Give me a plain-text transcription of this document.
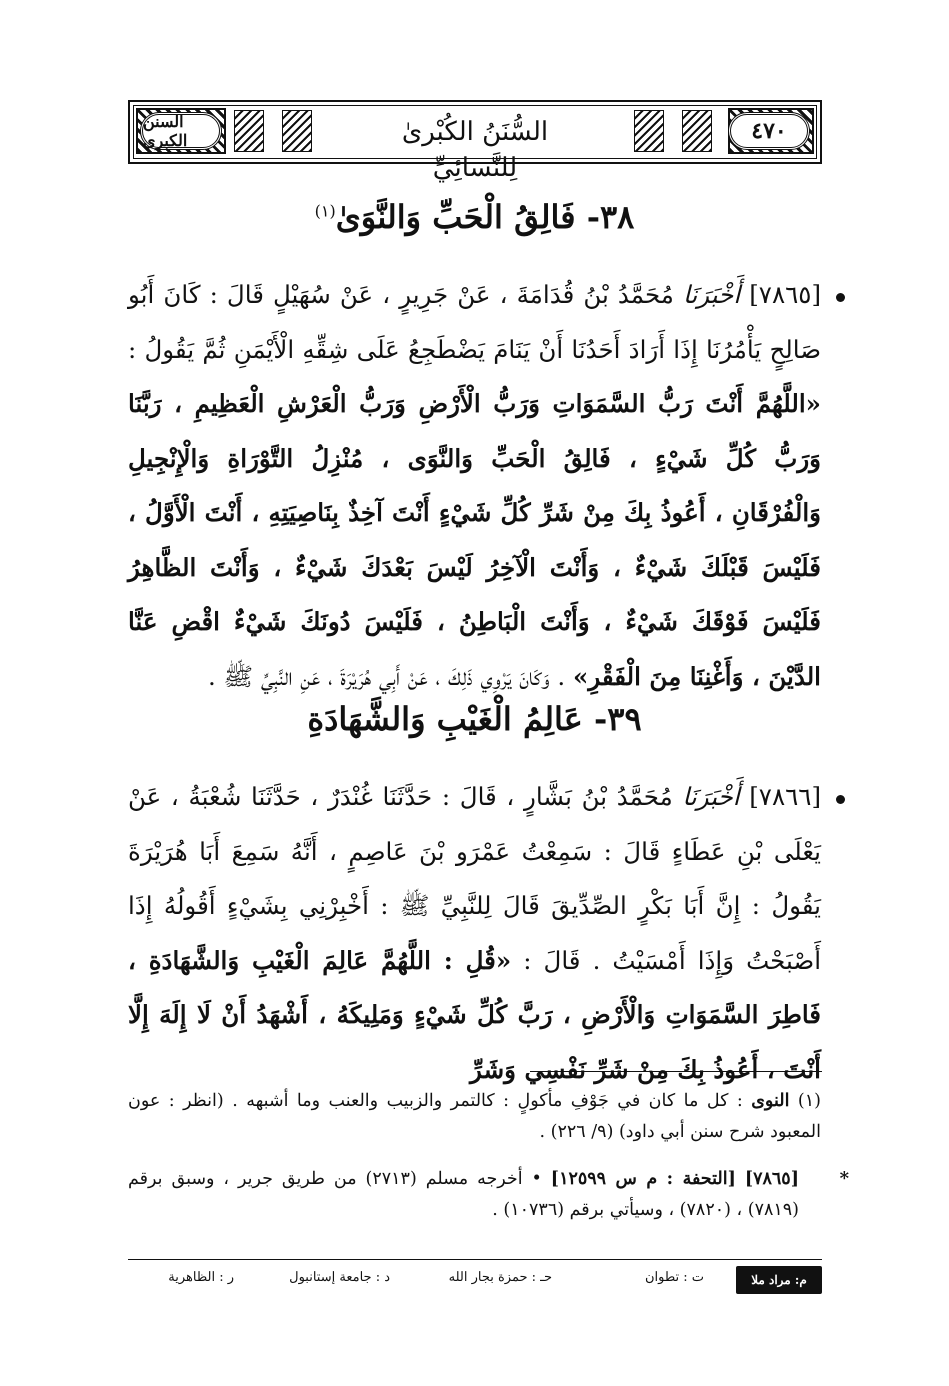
السنن الكبرى	٤٧٠
السُّنَنُ الكُبْرىٰ لِلنَّسائِيِّ
٣٨- فَالِقُ الْحَبِّ وَالنَّوَىٰ$^{(١)}$
[٧٨٦٥] أَخْبَرَنَا مُحَمَّدُ بْنُ قُدَامَةَ ، عَنْ جَرِيرٍ ، عَنْ سُهَيْلٍ قَالَ : كَانَ أَبُو صَالِحٍ يَأْمُرُنَا إِذَا أَرَادَ أَحَدُنَا أَنْ يَنَامَ يَضْطَجِعُ عَلَى شِقِّهِ الْأَيْمَنِ ثُمَّ يَقُولُ : «اللَّهُمَّ أَنْتَ رَبُّ السَّمَوَاتِ وَرَبُّ الْأَرْضِ وَرَبُّ الْعَرْشِ الْعَظِيمِ ، رَبَّنَا وَرَبُّ كُلِّ شَيْءٍ ، فَالِقُ الْحَبِّ وَالنَّوَى ، مُنْزِلُ التَّوْرَاةِ وَالْإِنْجِيلِ وَالْفُرْقَانِ ، أَعُوذُ بِكَ مِنْ شَرِّ كُلِّ شَيْءٍ أَنْتَ آخِذٌ بِنَاصِيَتِهِ ، أَنْتَ الْأَوَّلُ ، فَلَيْسَ قَبْلَكَ شَيْءٌ ، وَأَنْتَ الْآخِرُ لَيْسَ بَعْدَكَ شَيْءٌ ، وَأَنْتَ الظَّاهِرُ فَلَيْسَ فَوْقَكَ شَيْءٌ ، وَأَنْتَ الْبَاطِنُ ، فَلَيْسَ دُونَكَ شَيْءٌ اقْضِ عَنَّا الدَّيْنَ ، وَأَغْنِنَا مِنَ الْفَقْرِ» . وَكَانَ يَرْوِي ذَلِكَ ، عَنْ أَبِي هُرَيْرَةَ ، عَنِ النَّبِيِّ ﷺ .
٣٩- عَالِمُ الْغَيْبِ وَالشَّهَادَةِ
[٧٨٦٦] أَخْبَرَنَا مُحَمَّدُ بْنُ بَشَّارٍ ، قَالَ : حَدَّثَنَا غُنْدَرٌ ، حَدَّثَنَا شُعْبَةُ ، عَنْ يَعْلَى بْنِ عَطَاءٍ قَالَ : سَمِعْتُ عَمْرَو بْنَ عَاصِمٍ ، أَنَّهُ سَمِعَ أَبَا هُرَيْرَةَ يَقُولُ : إِنَّ أَبَا بَكْرٍ الصِّدِّيقَ قَالَ لِلنَّبِيِّ ﷺ : أَخْبِرْنِي بِشَيْءٍ أَقُولُهُ إِذَا أَصْبَحْتُ وَإِذَا أَمْسَيْتُ . قَالَ : «قُلِ : اللَّهُمَّ عَالِمَ الْغَيْبِ وَالشَّهَادَةِ ، فَاطِرَ السَّمَوَاتِ وَالْأَرْضِ ، رَبَّ كُلِّ شَيْءٍ وَمَلِيكَهُ ، أَشْهَدُ أَنْ لَا إِلَهَ إِلَّا أَنْتَ ، أَعُوذُ بِكَ مِنْ شَرِّ نَفْسِي وَشَرِّ
(١) النوى : كل ما كان في جَوْفِ مأكولٍ : كالتمر والزبيب والعنب وما أشبهه . (انظر : عون المعبود شرح سنن أبي داود) (٩/ ٢٢٦) .
*
[٧٨٦٥] [التحفة : م س ١٢٥٩٩] • أخرجه مسلم (٢٧١٣) من طريق جرير ، وسبق برقم (٧٨١٩) ، (٧٨٢٠) ، وسيأتي برقم (١٠٧٣٦) .
م: مراد ملا
ت : تطوان
حـ : حمزة بجار الله
د : جامعة إستانبول
ر : الظاهرية
